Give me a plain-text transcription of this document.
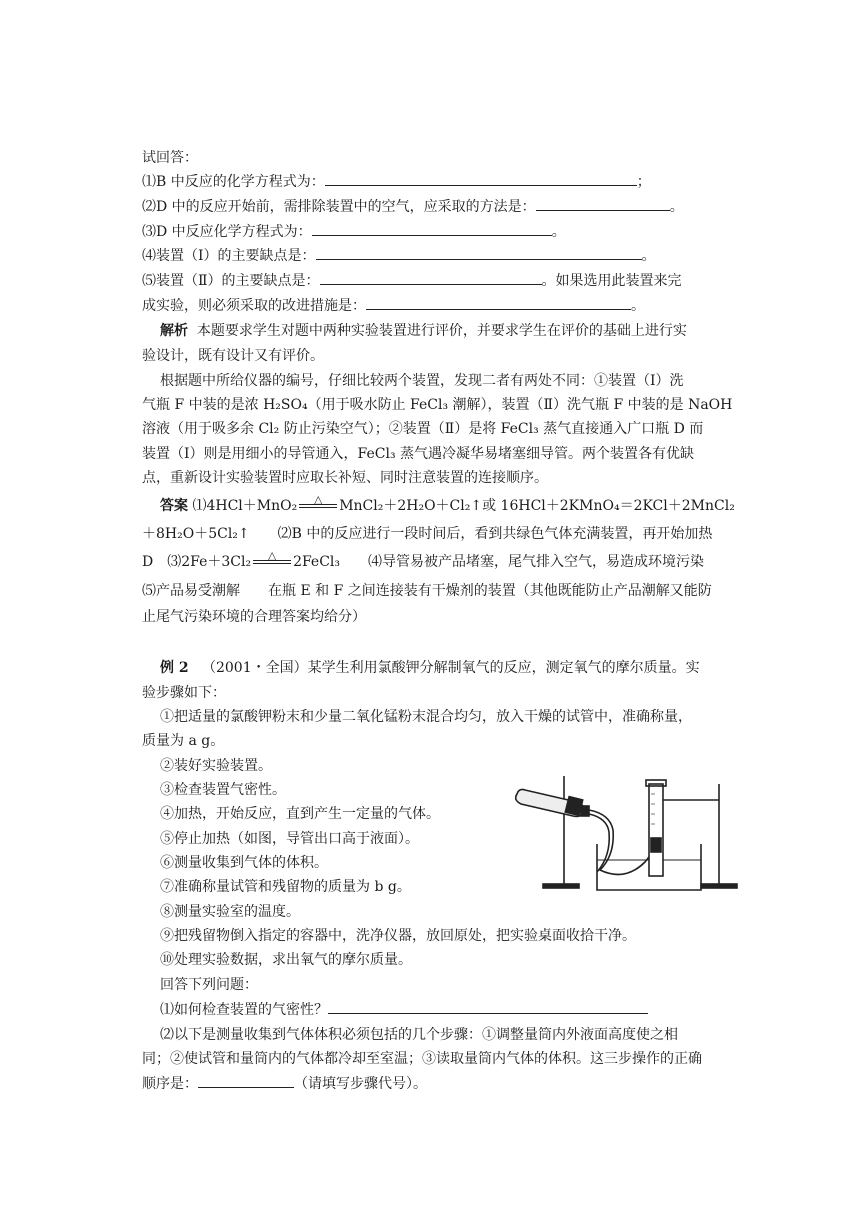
试回答：
⑴B 中反应的化学方程式为：	；
⑵D 中的反应开始前，需排除装置中的空气，应采取的方法是：	。
⑶D 中反应化学方程式为：	。
⑷装置（Ⅰ）的主要缺点是：	。
⑸装置（Ⅱ）的主要缺点是：	。如果选用此装置来完
成实验，则必须采取的改进措施是：	。
解析 本题要求学生对题中两种实验装置进行评价，并要求学生在评价的基础上进行实
验设计，既有设计又有评价。
根据题中所给仪器的编号，仔细比较两个装置，发现二者有两处不同：①装置（Ⅰ）洗
气瓶 F 中装的是浓 H₂SO₄（用于吸水防止 FeCl₃ 潮解），装置（Ⅱ）洗气瓶 F 中装的是 NaOH
溶液（用于吸多余 Cl₂ 防止污染空气）；②装置（Ⅱ）是将 FeCl₃ 蒸气直接通入广口瓶 D 而
装置（Ⅰ）则是用细小的导管通入，FeCl₃ 蒸气遇冷凝华易堵塞细导管。两个装置各有优缺
点，重新设计实验装置时应取长补短、同时注意装置的连接顺序。
答案 ⑴4HCl＋MnO₂	△	MnCl₂＋2H₂O＋Cl₂↑或 16HCl＋2KMnO₄＝2KCl＋2MnCl₂
＋8H₂O＋5Cl₂↑　　⑵B 中的反应进行一段时间后，看到共绿色气体充满装置，再开始加热
D　⑶2Fe＋3Cl₂	△	2FeCl₃　　⑷导管易被产品堵塞，尾气排入空气，易造成环境污染
⑸产品易受潮解　　在瓶 E 和 F 之间连接装有干燥剂的装置（其他既能防止产品潮解又能防
止尾气污染环境的合理答案均给分）
例 2 （2001・全国）某学生利用氯酸钾分解制氧气的反应，测定氧气的摩尔质量。实
验步骤如下：
①把适量的氯酸钾粉末和少量二氧化锰粉末混合均匀，放入干燥的试管中，准确称量，
质量为 a g。
②装好实验装置。
③检查装置气密性。
④加热，开始反应，直到产生一定量的气体。
⑤停止加热（如图，导管出口高于液面）。
⑥测量收集到气体的体积。
⑦准确称量试管和残留物的质量为 b g。
⑧测量实验室的温度。
⑨把残留物倒入指定的容器中，洗净仪器，放回原处，把实验桌面收拾干净。
⑩处理实验数据，求出氧气的摩尔质量。
回答下列问题：
⑴如何检查装置的气密性？
⑵以下是测量收集到气体体积必须包括的几个步骤：①调整量筒内外液面高度使之相
同；②使试管和量筒内的气体都冷却至室温；③读取量筒内气体的体积。这三步操作的正确
顺序是：	（请填写步骤代号）。
